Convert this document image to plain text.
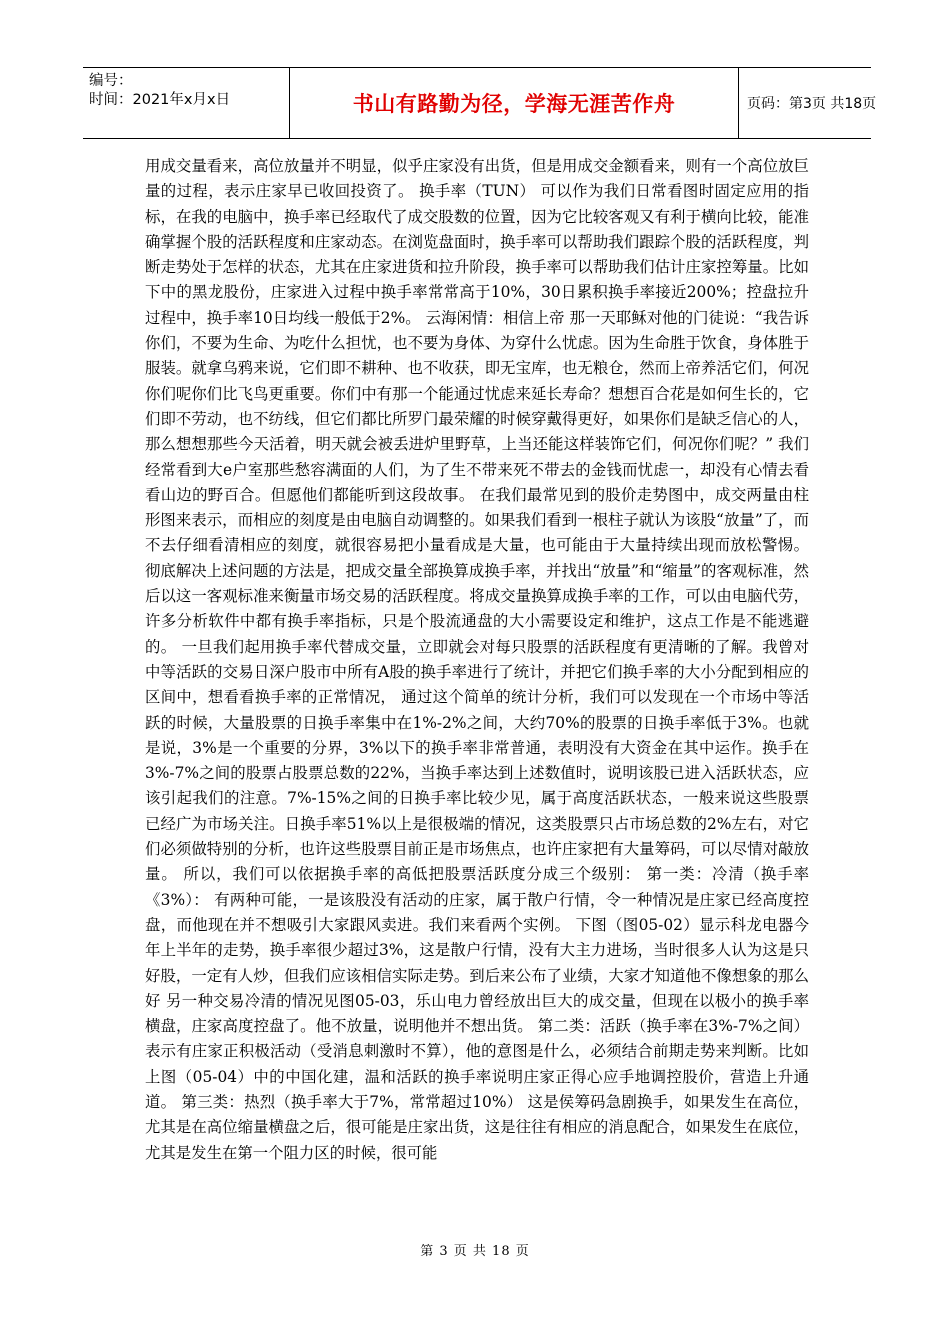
编号：
时间：2021年x月x日	书山有路勤为径，学海无涯苦作舟	页码：第3页 共18页

用成交量看来，高位放量并不明显，似乎庄家没有出货，但是用成交金额看来，则有一个高位放巨量的过程，表示庄家早已收回投资了。 换手率（TUN） 可以作为我们日常看图时固定应用的指标，在我的电脑中，换手率已经取代了成交股数的位置，因为它比较客观又有利于横向比较，能准确掌握个股的活跃程度和庄家动态。在浏览盘面时，换手率可以帮助我们跟踪个股的活跃程度，判断走势处于怎样的状态，尤其在庄家进货和拉升阶段，换手率可以帮助我们估计庄家控筹量。比如下中的黑龙股份，庄家进入过程中换手率常常高于10%，30日累积换手率接近200%；控盘拉升过程中，换手率10日均线一般低于2%。 云海闲情：相信上帝 那一天耶稣对他的门徒说：“我告诉你们，不要为生命、为吃什么担忧，也不要为身体、为穿什么忧虑。因为生命胜于饮食，身体胜于服装。就拿乌鸦来说，它们即不耕种、也不收获，即无宝库，也无粮仓，然而上帝养活它们，何况你们呢你们比飞鸟更重要。你们中有那一个能通过忧虑来延长寿命？想想百合花是如何生长的，它们即不劳动，也不纺线，但它们都比所罗门最荣耀的时候穿戴得更好，如果你们是缺乏信心的人，那么想想那些今天活着，明天就会被丢进炉里野草，上当还能这样装饰它们，何况你们呢？” 我们经常看到大e户室那些愁容满面的人们，为了生不带来死不带去的金钱而忧虑一，却没有心情去看看山边的野百合。但愿他们都能听到这段故事。 在我们最常见到的股价走势图中，成交两量由柱形图来表示，而相应的刻度是由电脑自动调整的。如果我们看到一根柱子就认为该股“放量”了，而不去仔细看清相应的刻度，就很容易把小量看成是大量，也可能由于大量持续出现而放松警惕。 彻底解决上述问题的方法是，把成交量全部换算成换手率，并找出“放量”和“缩量”的客观标准，然后以这一客观标准来衡量市场交易的活跃程度。将成交量换算成换手率的工作，可以由电脑代劳，许多分析软件中都有换手率指标，只是个股流通盘的大小需要设定和维护，这点工作是不能逃避的。 一旦我们起用换手率代替成交量，立即就会对每只股票的活跃程度有更清晰的了解。我曾对中等活跃的交易日深户股市中所有A股的换手率进行了统计，并把它们换手率的大小分配到相应的区间中，想看看换手率的正常情况， 通过这个简单的统计分析，我们可以发现在一个市场中等活跃的时候，大量股票的日换手率集中在1%-2%之间，大约70%的股票的日换手率低于3%。也就是说，3%是一个重要的分界，3%以下的换手率非常普通，表明没有大资金在其中运作。换手在3%-7%之间的股票占股票总数的22%，当换手率达到上述数值时，说明该股已进入活跃状态，应该引起我们的注意。7%-15%之间的日换手率比较少见，属于高度活跃状态，一般来说这些股票已经广为市场关注。日换手率51%以上是很极端的情况，这类股票只占市场总数的2%左右，对它们必须做特别的分析，也许这些股票目前正是市场焦点，也许庄家把有大量筹码，可以尽情对敲放量。 所以，我们可以依据换手率的高低把股票活跃度分成三个级别： 第一类：冷清（换手率《3%）： 有两种可能，一是该股没有活动的庄家，属于散户行情，令一种情况是庄家已经高度控盘，而他现在并不想吸引大家跟风卖进。我们来看两个实例。 下图（图05-02）显示科龙电器今年上半年的走势，换手率很少超过3%，这是散户行情，没有大主力进场，当时很多人认为这是只好股，一定有人炒，但我们应该相信实际走势。到后来公布了业绩，大家才知道他不像想象的那么好 另一种交易冷清的情况见图05-03，乐山电力曾经放出巨大的成交量，但现在以极小的换手率横盘，庄家高度控盘了。他不放量，说明他并不想出货。 第二类：活跃（换手率在3%-7%之间） 表示有庄家正积极活动（受消息刺激时不算），他的意图是什么，必须结合前期走势来判断。比如上图（05-04）中的中国化建，温和活跃的换手率说明庄家正得心应手地调控股价，营造上升通道。 第三类：热烈（换手率大于7%，常常超过10%） 这是侯筹码急剧换手，如果发生在高位，尤其是在高位缩量横盘之后，很可能是庄家出货，这是往往有相应的消息配合，如果发生在底位，尤其是发生在第一个阻力区的时候，很可能

第 3 页 共 18 页
